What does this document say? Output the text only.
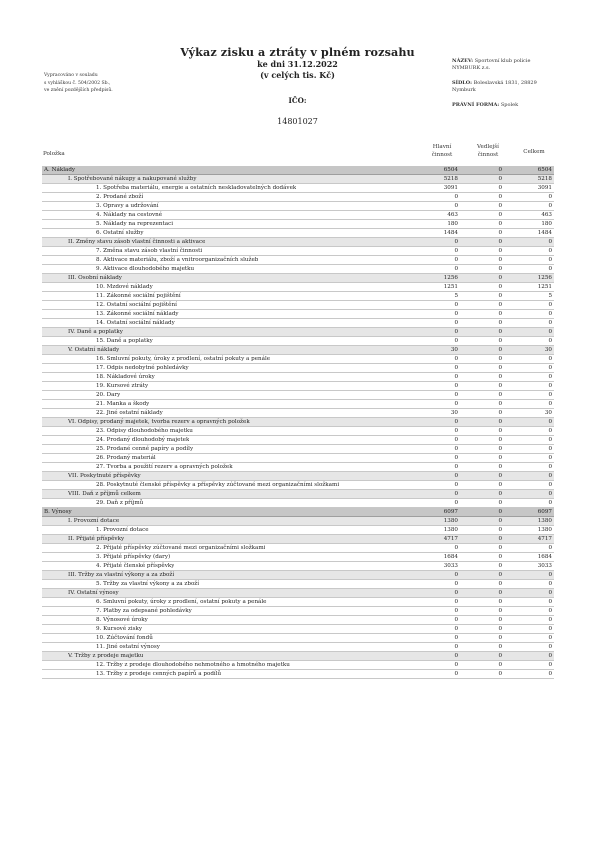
Vypracováno v souladu
s vyhláškou č. 504/2002 Sb.,
ve znění pozdějších předpisů.
Výkaz zisku a ztráty v plném rozsahu
ke dni 31.12.2022
(v celých tis. Kč)
IČO:
14801027
NÁZEV: Sportovní klub policie
NYMBURK z.s.
SÍDLO: Boleslavská 1831, 28829
Nymburk
PRÁVNÍ FORMA: Spolek
Položka
Hlavní
činnost
Vedlejší
činnost	Celkem
A. Náklady	6504	0	6504
I. Spotřebované nákupy a nakupované služby	5218	0	5218
1. Spotřeba materiálu, energie a ostatních neskladovatelných dodávek	3091	0	3091
2. Prodané zboží	0	0	0
3. Opravy a udržování	0	0	0
4. Náklady na cestovné	463	0	463
5. Náklady na reprezentaci	180	0	180
6. Ostatní služby	1484	0	1484
II. Změny stavu zásob vlastní činnosti a aktivace	0	0	0
7. Změna stavu zásob vlastní činnosti	0	0	0
8. Aktivace materiálu, zboží a vnitroorganizačních služeb	0	0	0
9. Aktivace dlouhodobého majetku	0	0	0
III. Osobní náklady	1256	0	1256
10. Mzdové náklady	1251	0	1251
11. Zákonné sociální pojištění	5	0	5
12. Ostatní sociální pojištění	0	0	0
13. Zákonné sociální náklady	0	0	0
14. Ostatní sociální náklady	0	0	0
IV. Daně a poplatky	0	0	0
15. Daně a poplatky	0	0	0
V. Ostatní náklady	30	0	30
16. Smluvní pokuty, úroky z prodlení, ostatní pokuty a penále	0	0	0
17. Odpis nedobytné pohledávky	0	0	0
18. Nákladové úroky	0	0	0
19. Kursové ztráty	0	0	0
20. Dary	0	0	0
21. Manka a škody	0	0	0
22. Jiné ostatní náklady	30	0	30
VI. Odpisy, prodaný majetek, tvorba rezerv a opravných položek	0	0	0
23. Odpisy dlouhodobého majetku	0	0	0
24. Prodaný dlouhodobý majetek	0	0	0
25. Prodané cenné papíry a podíly	0	0	0
26. Prodaný materiál	0	0	0
27. Tvorba a použití rezerv a opravných položek	0	0	0
VII. Poskytnuté příspěvky	0	0	0
28. Poskytnuté členské příspěvky a příspěvky zúčtované mezi organizačními složkami	0	0	0
VIII. Daň z příjmů celkem	0	0	0
29. Daň z příjmů	0	0	0
B. Výnosy	6097	0	6097
I. Provozní dotace	1380	0	1380
1. Provozní dotace	1380	0	1380
II. Přijaté příspěvky	4717	0	4717
2. Přijaté příspěvky zúčtované mezi organizačními složkami	0	0	0
3. Přijaté příspěvky (dary)	1684	0	1684
4. Přijaté členské příspěvky	3033	0	3033
III. Tržby za vlastní výkony a za zboží	0	0	0
5. Tržby za vlastní výkony a za zboží	0	0	0
IV. Ostatní výnosy	0	0	0
6. Smluvní pokuty, úroky z prodlení, ostatní pokuty a penále	0	0	0
7. Platby za odepsané pohledávky	0	0	0
8. Výnosové úroky	0	0	0
9. Kursové zisky	0	0	0
10. Zúčtování fondů	0	0	0
11. Jiné ostatní výnosy	0	0	0
V. Tržby z prodeje majetku	0	0	0
12. Tržby z prodeje dlouhodobého nehmotného a hmotného majetku	0	0	0
13. Tržby z prodeje cenných papírů a podílů	0	0	0
